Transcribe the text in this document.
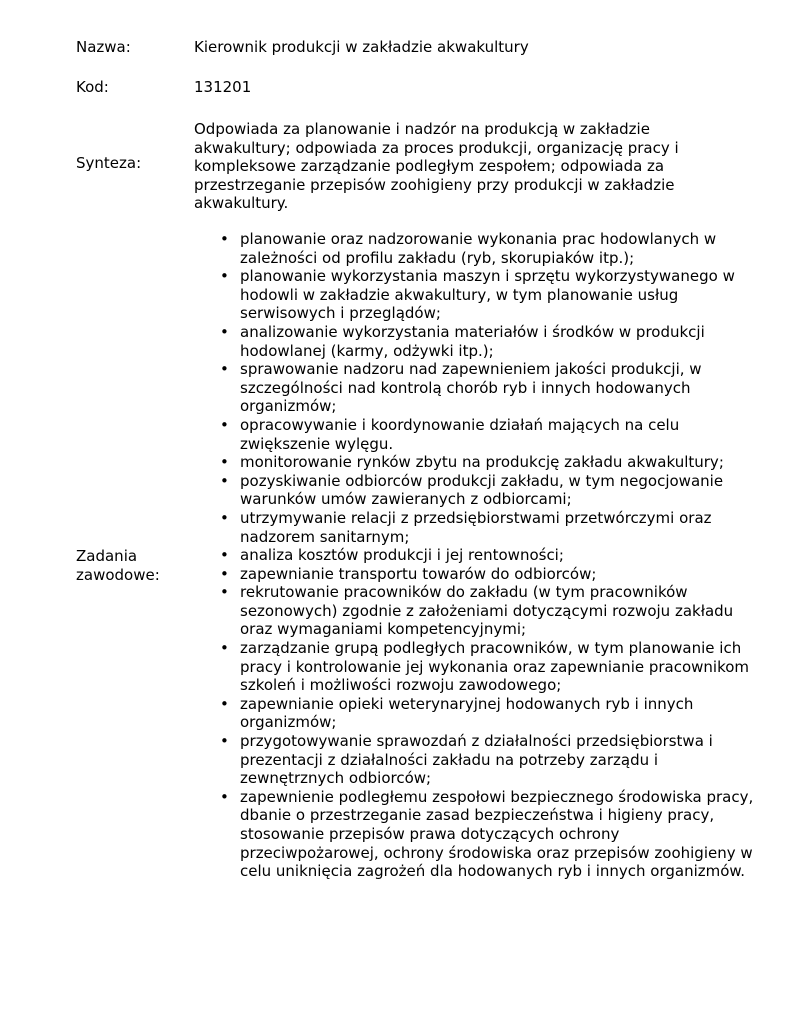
Nazwa:	Kierownik produkcji w zakładzie akwakultury
Kod:	131201
Synteza:
Odpowiada za planowanie i nadzór na produkcją w zakładzie akwakultury; odpowiada za proces produkcji, organizację pracy i kompleksowe zarządzanie podległym zespołem; odpowiada za przestrzeganie przepisów zoohigieny przy produkcji w zakładzie akwakultury.
Zadania zawodowe:
• planowanie oraz nadzorowanie wykonania prac hodowlanych w zależności od profilu zakładu (ryb, skorupiaków itp.);
• planowanie wykorzystania maszyn i sprzętu wykorzystywanego w hodowli w zakładzie akwakultury, w tym planowanie usług serwisowych i przeglądów;
• analizowanie wykorzystania materiałów i środków w produkcji hodowlanej (karmy, odżywki itp.);
• sprawowanie nadzoru nad zapewnieniem jakości produkcji, w szczególności nad kontrolą chorób ryb i innych hodowanych organizmów;
• opracowywanie i koordynowanie działań mających na celu zwiększenie wylęgu.
• monitorowanie rynków zbytu na produkcję zakładu akwakultury;
• pozyskiwanie odbiorców produkcji zakładu, w tym negocjowanie warunków umów zawieranych z odbiorcami;
• utrzymywanie relacji z przedsiębiorstwami przetwórczymi oraz nadzorem sanitarnym;
• analiza kosztów produkcji i jej rentowności;
• zapewnianie transportu towarów do odbiorców;
• rekrutowanie pracowników do zakładu (w tym pracowników sezonowych) zgodnie z założeniami dotyczącymi rozwoju zakładu oraz wymaganiami kompetencyjnymi;
• zarządzanie grupą podległych pracowników, w tym planowanie ich pracy i kontrolowanie jej wykonania oraz zapewnianie pracownikom szkoleń i możliwości rozwoju zawodowego;
• zapewnianie opieki weterynaryjnej hodowanych ryb i innych organizmów;
• przygotowywanie sprawozdań z działalności przedsiębiorstwa i prezentacji z działalności zakładu na potrzeby zarządu i zewnętrznych odbiorców;
• zapewnienie podległemu zespołowi bezpiecznego środowiska pracy, dbanie o przestrzeganie zasad bezpieczeństwa i higieny pracy, stosowanie przepisów prawa dotyczących ochrony przeciwpożarowej, ochrony środowiska oraz przepisów zoohigieny w celu uniknięcia zagrożeń dla hodowanych ryb i innych organizmów.
